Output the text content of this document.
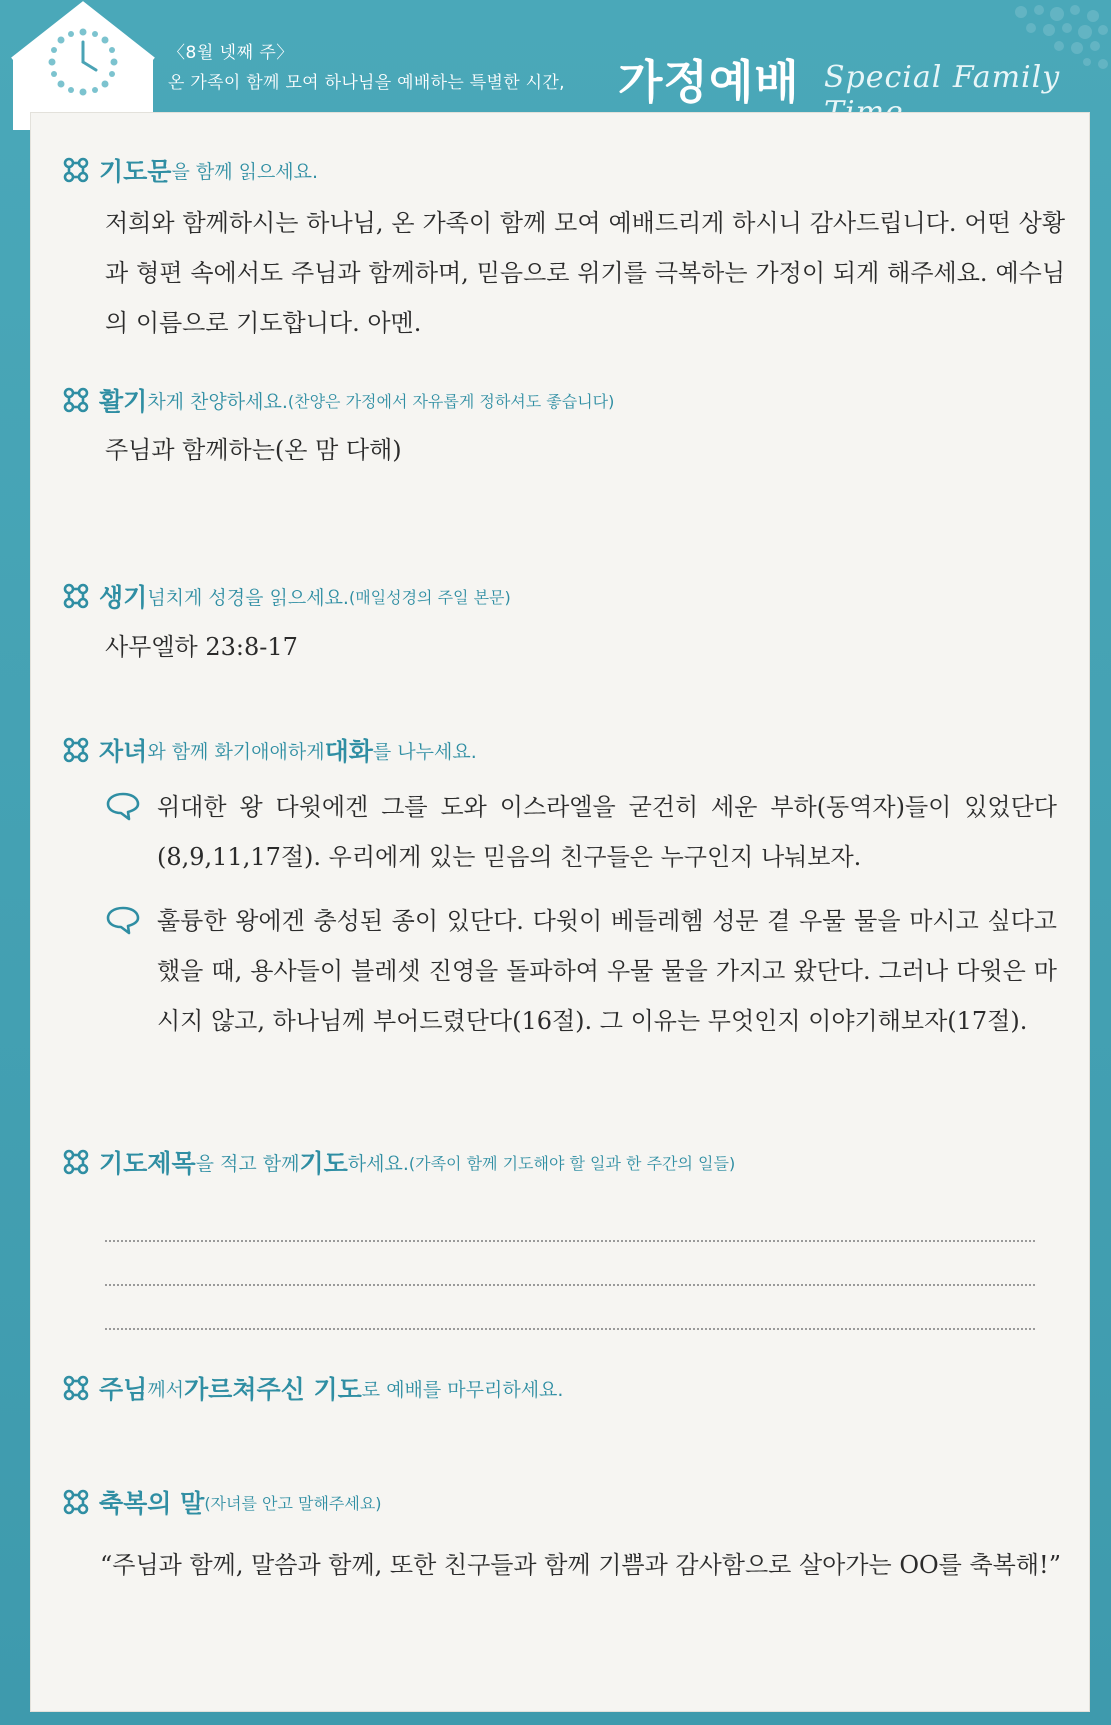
〈8월 넷째 주〉
온 가족이 함께 모여 하나님을 예배하는 특별한 시간, 가정예배 Special Family
기도문 을 함께 읽으세요.
저희와 함께하시는 하나님, 온 가족이 함께 모여 예배드리게 하시니 감사드립니다. 어떤 상황과 형편 속에서도 주님과 함께하며, 믿음으로 위기를 극복하는 가정이 되게 해주세요. 예수님의 이름으로 기도합니다. 아멘.
활기 차게 찬양하세요. (찬양은 가정에서 자유롭게 정하셔도 좋습니다)
주님과 함께하는(온 맘 다해)
생기 넘치게 성경을 읽으세요. (매일성경의 주일 본문)
사무엘하 23:8-17
자녀 와 함께 화기애애하게 대화 를 나누세요.
위대한 왕 다윗에겐 그를 도와 이스라엘을 굳건히 세운 부하(동역자)들이 있었단다(8,9,11,17절). 우리에게 있는 믿음의 친구들은 누구인지 나눠보자.
훌륭한 왕에겐 충성된 종이 있단다. 다윗이 베들레헴 성문 곁 우물 물을 마시고 싶다고 했을 때, 용사들이 블레셋 진영을 돌파하여 우물 물을 가지고 왔단다. 그러나 다윗은 마시지 않고, 하나님께 부어드렸단다(16절). 그 이유는 무엇인지 이야기해보자(17절).
기도제목 을 적고 함께 기도 하세요. (가족이 함께 기도해야 할 일과 한 주간의 일들)
주님 께서 가르쳐주신 기도 로 예배를 마무리하세요.
축복의 말 (자녀를 안고 말해주세요)
“주님과 함께, 말씀과 함께, 또한 친구들과 함께 기쁨과 감사함으로 살아가는 OO를 축복해!”
